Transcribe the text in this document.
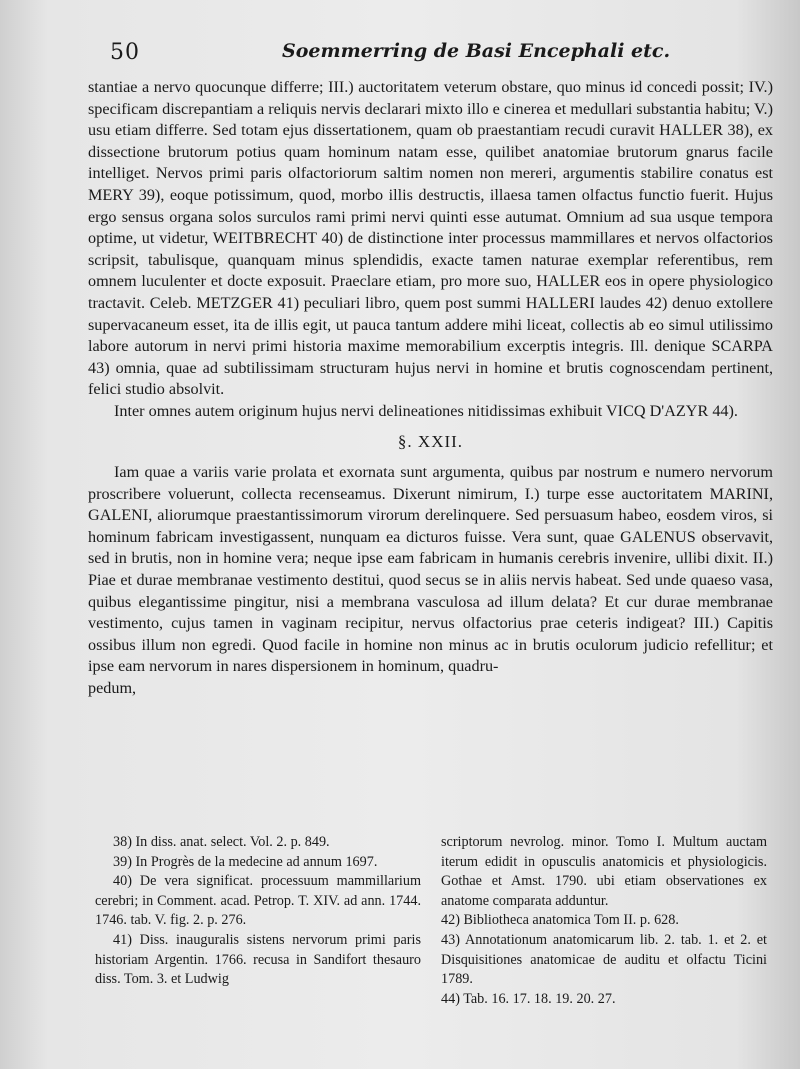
50	Soemmerring de Basi Encephali etc.

stantiae a nervo quocunque differre; III.) auctoritatem veterum obstare, quo minus id concedi possit; IV.) specificam discrepantiam a reliquis nervis declarari mixto illo e cinerea et medullari substantia habitu; V.) usu etiam differre. Sed totam ejus dissertationem, quam ob praestantiam recudi curavit HALLER 38), ex dissectione brutorum potius quam hominum natam esse, quilibet anatomiae brutorum gnarus facile intelliget. Nervos primi paris olfactoriorum saltim nomen non mereri, argumentis stabilire conatus est MERY 39), eoque potissimum, quod, morbo illis destructis, illaesa tamen olfactus functio fuerit. Hujus ergo sensus organa solos surculos rami primi nervi quinti esse autumat. Omnium ad sua usque tempora optime, ut videtur, WEITBRECHT 40) de distinctione inter processus mammillares et nervos olfactorios scripsit, tabulisque, quanquam minus splendidis, exacte tamen naturae exemplar referentibus, rem omnem luculenter et docte exposuit. Praeclare etiam, pro more suo, HALLER eos in opere physiologico tractavit. Celeb. METZGER 41) peculiari libro, quem post summi HALLERI laudes 42) denuo extollere supervacaneum esset, ita de illis egit, ut pauca tantum addere mihi liceat, collectis ab eo simul utilissimo labore autorum in nervi primi historia maxime memorabilium excerptis integris. Ill. denique SCARPA 43) omnia, quae ad subtilissimam structuram hujus nervi in homine et brutis cognoscendam pertinent, felici studio absolvit.

Inter omnes autem originum hujus nervi delineationes nitidissimas exhibuit VICQ D'AZYR 44).

§. XXII.

Iam quae a variis varie prolata et exornata sunt argumenta, quibus par nostrum e numero nervorum proscribere voluerunt, collecta recenseamus. Dixerunt nimirum, I.) turpe esse auctoritatem MARINI, GALENI, aliorumque praestantissimorum virorum derelinquere. Sed persuasum habeo, eosdem viros, si hominum fabricam investigassent, nunquam ea dicturos fuisse. Vera sunt, quae GALENUS observavit, sed in brutis, non in homine vera; neque ipse eam fabricam in humanis cerebris invenire, ullibi dixit. II.) Piae et durae membranae vestimento destitui, quod secus se in aliis nervis habeat. Sed unde quaeso vasa, quibus elegantissime pingitur, nisi a membrana vasculosa ad illum delata? Et cur durae membranae vestimento, cujus tamen in vaginam recipitur, nervus olfactorius prae ceteris indigeat? III.) Capitis ossibus illum non egredi. Quod facile in homine non minus ac in brutis oculorum judicio refellitur; et ipse eam nervorum in nares dispersionem in hominum, quadru-

pedum,

38) In diss. anat. select. Vol. 2. p. 849.

39) In Progrès de la medecine ad annum 1697.

40) De vera significat. processuum mammillarium cerebri; in Comment. acad. Petrop. T. XIV. ad ann. 1744. 1746. tab. V. fig. 2. p. 276.

41) Diss. inauguralis sistens nervorum primi paris historiam Argentin. 1766. recusa in Sandifort thesauro diss. Tom. 3. et Ludwig

scriptorum nevrolog. minor. Tomo I. Multum auctam iterum edidit in opusculis anatomicis et physiologicis. Gothae et Amst. 1790. ubi etiam observationes ex anatome comparata adduntur.

42) Bibliotheca anatomica Tom II. p. 628.

43) Annotationum anatomicarum lib. 2. tab. 1. et 2. et Disquisitiones anatomicae de auditu et olfactu Ticini 1789.

44) Tab. 16. 17. 18. 19. 20. 27.
